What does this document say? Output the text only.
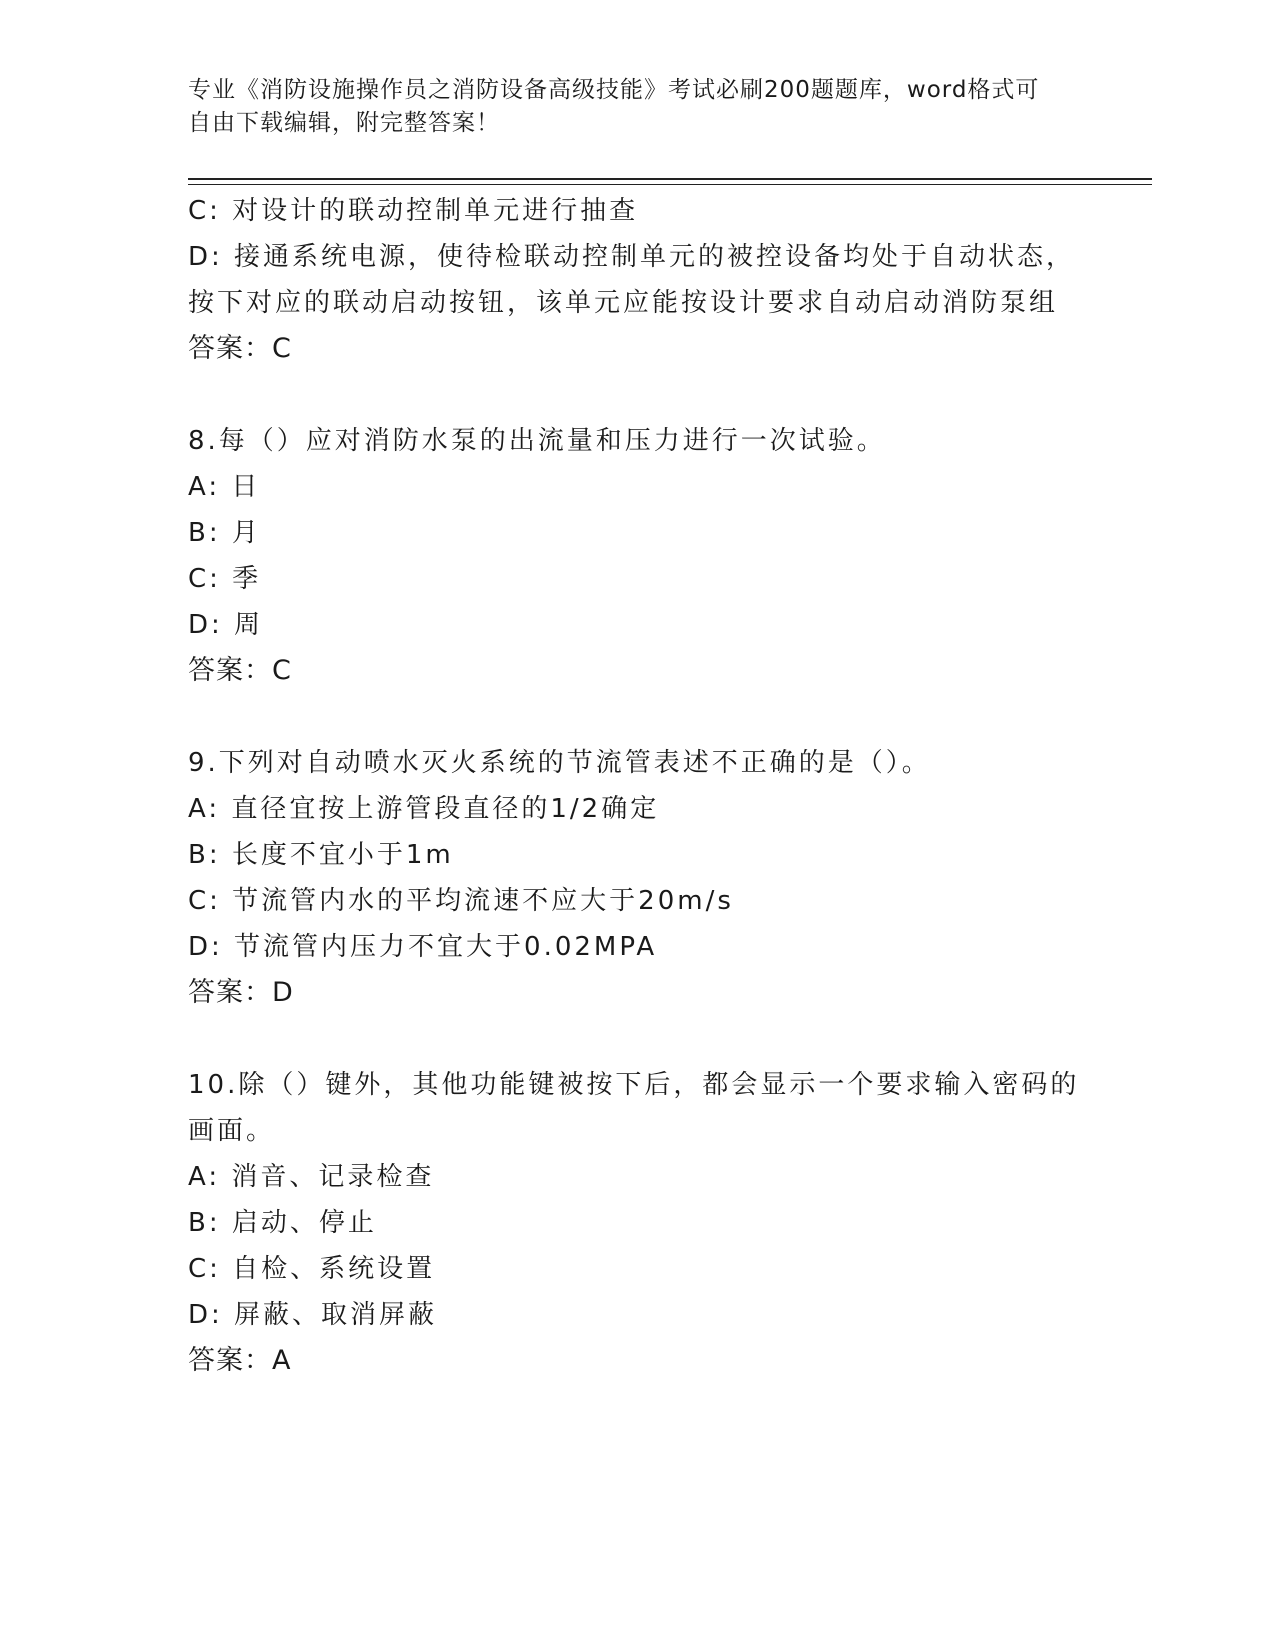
专业《消防设施操作员之消防设备高级技能》考试必刷200题题库，word格式可
自由下载编辑，附完整答案！
C: 对设计的联动控制单元进行抽查
D: 接通系统电源，使待检联动控制单元的被控设备均处于自动状态，
按下对应的联动启动按钮，该单元应能按设计要求自动启动消防泵组
答案：C
8.每（）应对消防水泵的出流量和压力进行一次试验。
A: 日
B: 月
C: 季
D: 周
答案：C
9.下列对自动喷水灭火系统的节流管表述不正确的是（）。
A: 直径宜按上游管段直径的1/2确定
B: 长度不宜小于1m
C: 节流管内水的平均流速不应大于20m/s
D: 节流管内压力不宜大于0.02MPA
答案：D
10.除（）键外，其他功能键被按下后，都会显示一个要求输入密码的
画面。
A: 消音、记录检查
B: 启动、停止
C: 自检、系统设置
D: 屏蔽、取消屏蔽
答案：A
